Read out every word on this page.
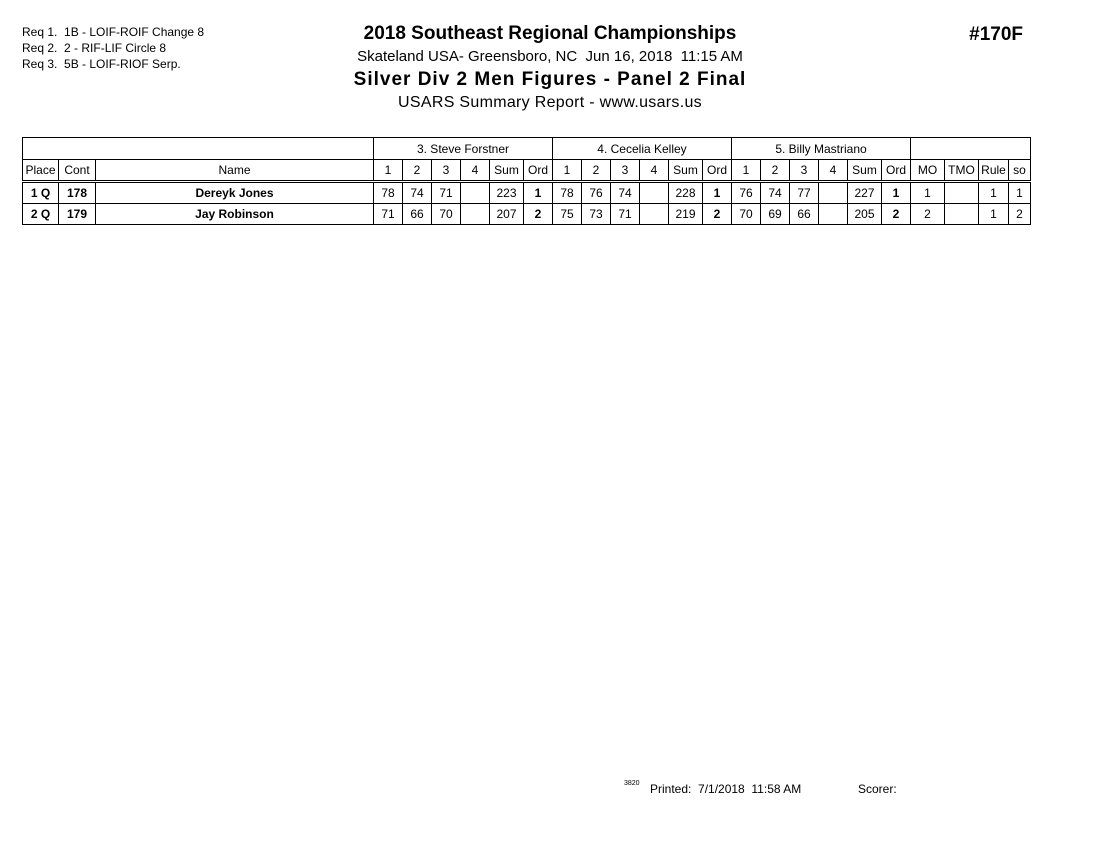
Req 1.  1B - LOIF-ROIF Change 8
Req 2.  2 - RIF-LIF Circle 8
Req 3.  5B - LOIF-RIOF Serp.
2018 Southeast Regional Championships
Skateland USA- Greensboro, NC  Jun 16, 2018  11:15 AM
Silver Div 2 Men Figures - Panel 2 Final
USARS Summary Report - www.usars.us
#170F
			3. Steve Forstner						4. Cecelia Kelley						5. Billy Mastriano									
Place	Cont	Name	1	2	3	4	Sum	Ord	1	2	3	4	Sum	Ord	1	2	3	4	Sum	Ord	MO	TMO	Rule	so
1 Q	178	Dereyk Jones	78	74	71		223	1	78	76	74		228	1	76	74	77		227	1	1		1	1
2 Q	179	Jay Robinson	71	66	70		207	2	75	73	71		219	2	70	69	66		205	2	2		1	2
3820 Printed:  7/1/2018  11:58 AM	Scorer:
